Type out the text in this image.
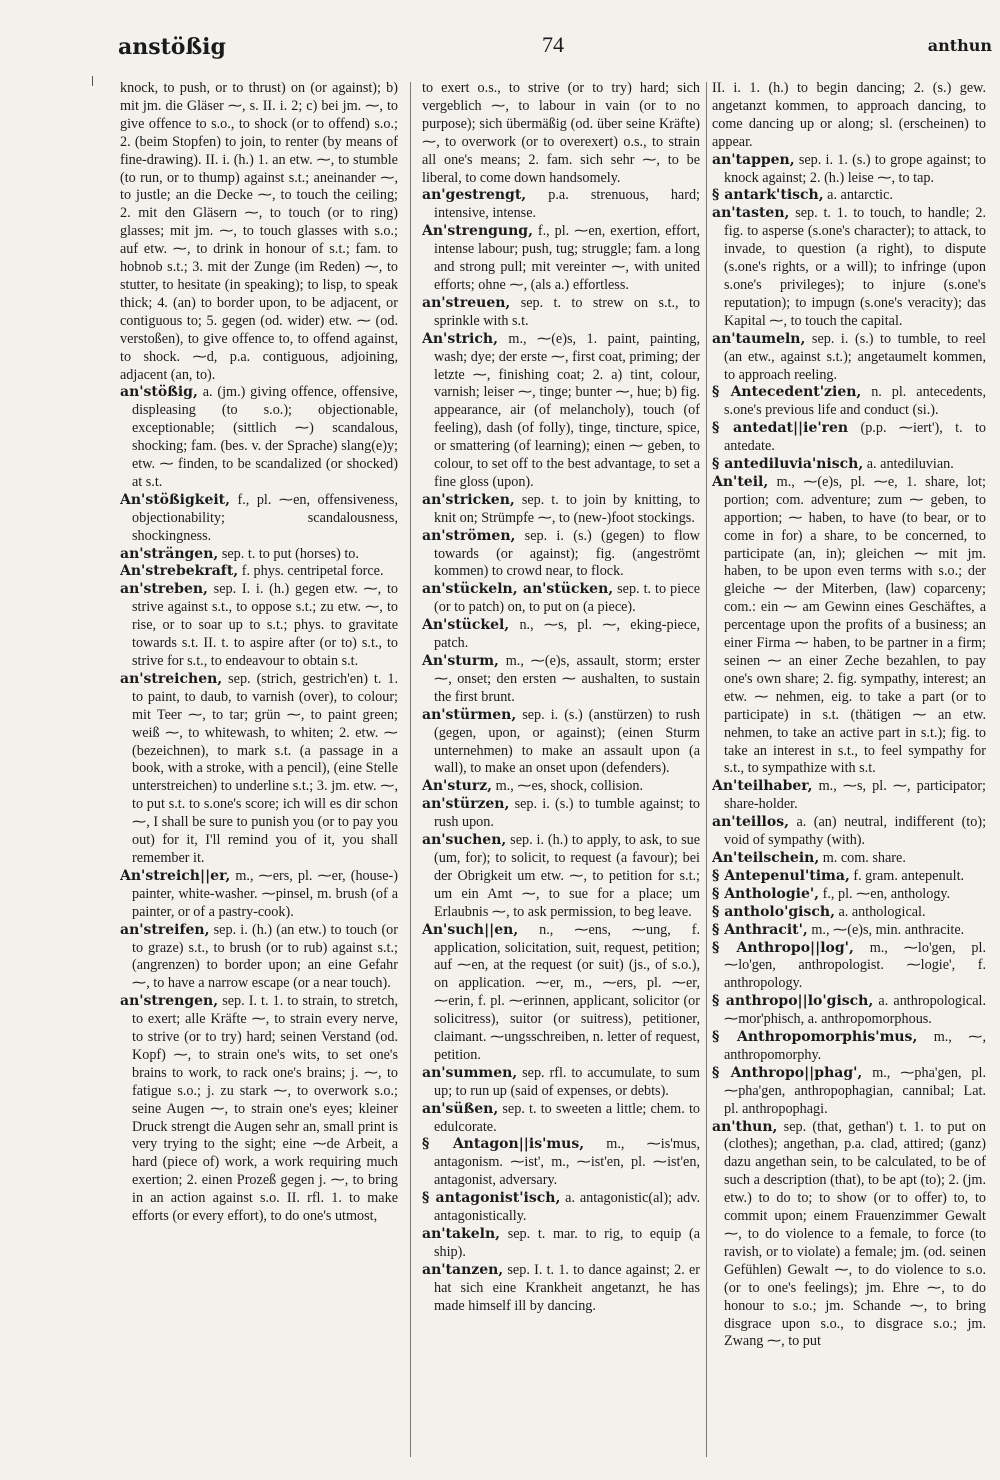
anstößig	74	anthun

knock, to push, or to thrust) on (or against); b) mit jm. die Gläser ⁓, s. II. i. 2; c) bei jm. ⁓, to give offence to s.o., to shock (or to offend) s.o.; 2. (beim Stopfen) to join, to renter (by means of fine-drawing). II. i. (h.) 1. an etw. ⁓, to stumble (to run, or to thump) against s.t.; aneinander ⁓, to justle; an die Decke ⁓, to touch the ceiling; 2. mit den Gläsern ⁓, to touch (or to ring) glasses; mit jm. ⁓, to touch glasses with s.o.; auf etw. ⁓, to drink in honour of s.t.; fam. to hobnob s.t.; 3. mit der Zunge (im Reden) ⁓, to stutter, to hesitate (in speaking); to lisp, to speak thick; 4. (an) to border upon, to be adjacent, or contiguous to; 5. gegen (od. wider) etw. ⁓ (od. verstoßen), to give offence to, to offend against, to shock. ⁓d, p.a. contiguous, adjoining, adjacent (an, to).

an'stößig, a. (jm.) giving offence, offensive, displeasing (to s.o.); objectionable, exceptionable; (sittlich ⁓) scandalous, shocking; fam. (bes. v. der Sprache) slang(e)y; etw. ⁓ finden, to be scandalized (or shocked) at s.t.

An'stößigkeit, f., pl. ⁓en, offensiveness, objectionability; scandalousness, shockingness.

an'strängen, sep. t. to put (horses) to.

An'strebekraft, f. phys. centripetal force.

an'streben, sep. I. i. (h.) gegen etw. ⁓, to strive against s.t., to oppose s.t.; zu etw. ⁓, to rise, or to soar up to s.t.; phys. to gravitate towards s.t. II. t. to aspire after (or to) s.t., to strive for s.t., to endeavour to obtain s.t.

an'streichen, sep. (strich, gestrich'en) t. 1. to paint, to daub, to varnish (over), to colour; mit Teer ⁓, to tar; grün ⁓, to paint green; weiß ⁓, to whitewash, to whiten; 2. etw. ⁓ (bezeichnen), to mark s.t. (a passage in a book, with a stroke, with a pencil), (eine Stelle unterstreichen) to underline s.t.; 3. jm. etw. ⁓, to put s.t. to s.one's score; ich will es dir schon ⁓, I shall be sure to punish you (or to pay you out) for it, I'll remind you of it, you shall remember it.

An'streich||er, m., ⁓ers, pl. ⁓er, (house-) painter, white-washer. ⁓pinsel, m. brush (of a painter, or of a pastry-cook).

an'streifen, sep. i. (h.) (an etw.) to touch (or to graze) s.t., to brush (or to rub) against s.t.; (angrenzen) to border upon; an eine Gefahr ⁓, to have a narrow escape (or a near touch).

an'strengen, sep. I. t. 1. to strain, to stretch, to exert; alle Kräfte ⁓, to strain every nerve, to strive (or to try) hard; seinen Verstand (od. Kopf) ⁓, to strain one's wits, to set one's brains to work, to rack one's brains; j. ⁓, to fatigue s.o.; j. zu stark ⁓, to overwork s.o.; seine Augen ⁓, to strain one's eyes; kleiner Druck strengt die Augen sehr an, small print is very trying to the sight; eine ⁓de Arbeit, a hard (piece of) work, a work requiring much exertion; 2. einen Prozeß gegen j. ⁓, to bring in an action against s.o. II. rfl. 1. to make efforts (or every effort), to do one's utmost,

to exert o.s., to strive (or to try) hard; sich vergeblich ⁓, to labour in vain (or to no purpose); sich übermäßig (od. über seine Kräfte) ⁓, to overwork (or to overexert) o.s., to strain all one's means; 2. fam. sich sehr ⁓, to be liberal, to come down handsomely.

an'gestrengt, p.a. strenuous, hard; intensive, intense.

An'strengung, f., pl. ⁓en, exertion, effort, intense labour; push, tug; struggle; fam. a long and strong pull; mit vereinter ⁓, with united efforts; ohne ⁓, (als a.) effortless.

an'streuen, sep. t. to strew on s.t., to sprinkle with s.t.

An'strich, m., ⁓(e)s, 1. paint, painting, wash; dye; der erste ⁓, first coat, priming; der letzte ⁓, finishing coat; 2. a) tint, colour, varnish; leiser ⁓, tinge; bunter ⁓, hue; b) fig. appearance, air (of melancholy), touch (of feeling), dash (of folly), tinge, tincture, spice, or smattering (of learning); einen ⁓ geben, to colour, to set off to the best advantage, to set a fine gloss (upon).

an'stricken, sep. t. to join by knitting, to knit on; Strümpfe ⁓, to (new-)foot stockings.

an'strömen, sep. i. (s.) (gegen) to flow towards (or against); fig. (angeströmt kommen) to crowd near, to flock.

an'stückeln, an'stücken, sep. t. to piece (or to patch) on, to put on (a piece).

An'stückel, n., ⁓s, pl. ⁓, eking-piece, patch.

An'sturm, m., ⁓(e)s, assault, storm; erster ⁓, onset; den ersten ⁓ aushalten, to sustain the first brunt.

an'stürmen, sep. i. (s.) (anstürzen) to rush (gegen, upon, or against); (einen Sturm unternehmen) to make an assault upon (a wall), to make an onset upon (defenders).

An'sturz, m., ⁓es, shock, collision.

an'stürzen, sep. i. (s.) to tumble against; to rush upon.

an'suchen, sep. i. (h.) to apply, to ask, to sue (um, for); to solicit, to request (a favour); bei der Obrigkeit um etw. ⁓, to petition for s.t.; um ein Amt ⁓, to sue for a place; um Erlaubnis ⁓, to ask permission, to beg leave.

An'such||en, n., ⁓ens, ⁓ung, f. application, solicitation, suit, request, petition; auf ⁓en, at the request (or suit) (js., of s.o.), on application. ⁓er, m., ⁓ers, pl. ⁓er, ⁓erin, f. pl. ⁓erinnen, applicant, solicitor (or solicitress), suitor (or suitress), petitioner, claimant. ⁓ungsschreiben, n. letter of request, petition.

an'summen, sep. rfl. to accumulate, to sum up; to run up (said of expenses, or debts).

an'süßen, sep. t. to sweeten a little; chem. to edulcorate.

§ Antagon||is'mus, m., ⁓is'mus, antagonism. ⁓ist', m., ⁓ist'en, pl. ⁓ist'en, antagonist, adversary.

§ antagonist'isch, a. antagonistic(al); adv. antagonistically.

an'takeln, sep. t. mar. to rig, to equip (a ship).

an'tanzen, sep. I. t. 1. to dance against; 2. er hat sich eine Krankheit angetanzt, he has made himself ill by dancing.

II. i. 1. (h.) to begin dancing; 2. (s.) gew. angetanzt kommen, to approach dancing, to come dancing up or along; sl. (erscheinen) to appear.

an'tappen, sep. i. 1. (s.) to grope against; to knock against; 2. (h.) leise ⁓, to tap.

§ antark'tisch, a. antarctic.

an'tasten, sep. t. 1. to touch, to handle; 2. fig. to asperse (s.one's character); to attack, to invade, to question (a right), to dispute (s.one's rights, or a will); to infringe (upon s.one's privileges); to injure (s.one's reputation); to impugn (s.one's veracity); das Kapital ⁓, to touch the capital.

an'taumeln, sep. i. (s.) to tumble, to reel (an etw., against s.t.); angetaumelt kommen, to approach reeling.

§ Antecedent'zien, n. pl. antecedents, s.one's previous life and conduct (si.).

§ antedat||ie'ren (p.p. ⁓iert'), t. to antedate.

§ antediluvia'nisch, a. antediluvian.

An'teil, m., ⁓(e)s, pl. ⁓e, 1. share, lot; portion; com. adventure; zum ⁓ geben, to apportion; ⁓ haben, to have (to bear, or to come in for) a share, to be concerned, to participate (an, in); gleichen ⁓ mit jm. haben, to be upon even terms with s.o.; der gleiche ⁓ der Miterben, (law) coparceny; com.: ein ⁓ am Gewinn eines Geschäftes, a percentage upon the profits of a business; an einer Firma ⁓ haben, to be partner in a firm; seinen ⁓ an einer Zeche bezahlen, to pay one's own share; 2. fig. sympathy, interest; an etw. ⁓ nehmen, eig. to take a part (or to participate) in s.t. (thätigen ⁓ an etw. nehmen, to take an active part in s.t.); fig. to take an interest in s.t., to feel sympathy for s.t., to sympathize with s.t.

An'teilhaber, m., ⁓s, pl. ⁓, participator; share-holder.

an'teillos, a. (an) neutral, indifferent (to); void of sympathy (with).

An'teilschein, m. com. share.

§ Antepenul'tima, f. gram. antepenult.

§ Anthologie', f., pl. ⁓en, anthology.

§ antholo'gisch, a. anthological.

§ Anthracit', m., ⁓(e)s, min. anthracite.

§ Anthropo||log', m., ⁓lo'gen, pl. ⁓lo'gen, anthropologist. ⁓logie', f. anthropology.

§ anthropo||lo'gisch, a. anthropological. ⁓mor'phisch, a. anthropomorphous.

§ Anthropomorphis'mus, m., ⁓, anthropomorphy.

§ Anthropo||phag', m., ⁓pha'gen, pl. ⁓pha'gen, anthropophagian, cannibal; Lat. pl. anthropophagi.

an'thun, sep. (that, gethan') t. 1. to put on (clothes); angethan, p.a. clad, attired; (ganz) dazu angethan sein, to be calculated, to be of such a description (that), to be apt (to); 2. (jm. etw.) to do to; to show (or to offer) to, to commit upon; einem Frauenzimmer Gewalt ⁓, to do violence to a female, to force (to ravish, or to violate) a female; jm. (od. seinen Gefühlen) Gewalt ⁓, to do violence to s.o. (or to one's feelings); jm. Ehre ⁓, to do honour to s.o.; jm. Schande ⁓, to bring disgrace upon s.o., to disgrace s.o.; jm. Zwang ⁓, to put
